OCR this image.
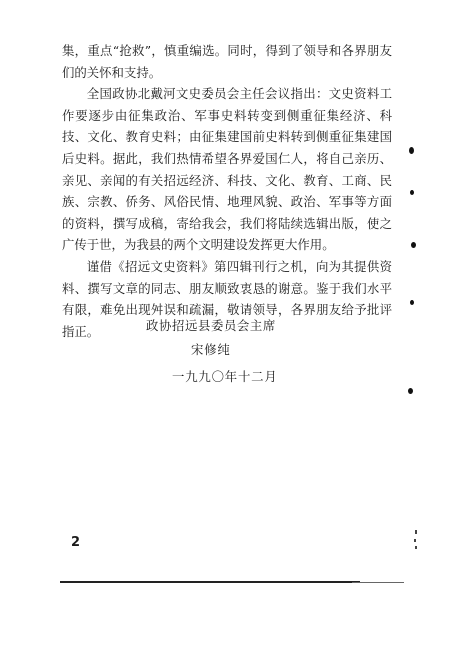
集，重点“抢救”，慎重编选。同时，得到了领导和各界朋友
们的关怀和支持。

全国政协北戴河文史委员会主任会议指出：文史资料工
作要逐步由征集政治、军事史料转变到侧重征集经济、科
技、文化、教育史料；由征集建国前史料转到侧重征集建国
后史料。据此，我们热情希望各界爱国仁人，将自己亲历、
亲见、亲闻的有关招远经济、科技、文化、教育、工商、民
族、宗教、侨务、风俗民情、地理风貌、政治、军事等方面
的资料，撰写成稿，寄给我会，我们将陆续选辑出版，使之
广传于世，为我县的两个文明建设发挥更大作用。

谨借《招远文史资料》第四辑刊行之机，向为其提供资
料、撰写文章的同志、朋友顺致衷恳的谢意。鉴于我们水平
有限，难免出现舛误和疏漏，敬请领导，各界朋友给予批评
指正。	政协招远县委员会主席
宋修纯
一九九〇年十二月
2
